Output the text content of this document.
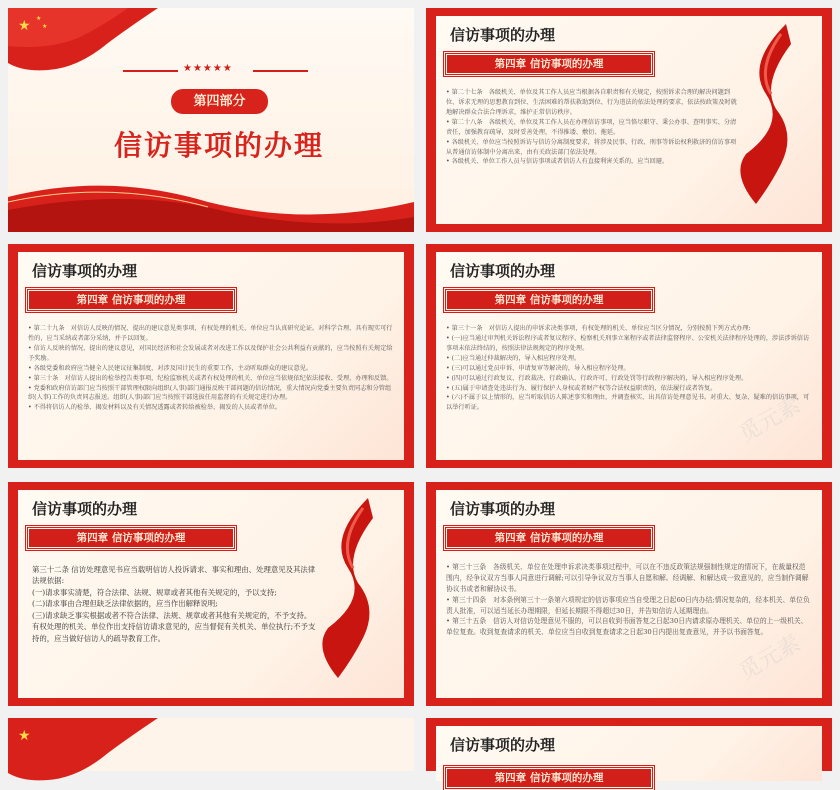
★ ★
★
★★★★★
第四部分
信访事项的办理
信访事项的办理
第四章 信访事项的办理

• 第二十七条　各级机关、单位及其工作人员应当根据各自职责和有关规定，按照诉求合理的解决问题到位、诉求无理的思想教育到位、生活困难的帮扶救助到位、行为违法的依法处理的要求，依法按政策及时就地解决群众合法合理诉求，维护正常信访秩序。

• 第二十八条　各级机关、单位及其工作人员在办理信访事项，应当恪尽职守、秉公办事、查明事实、分清责任，加强教育疏导，及时妥善处理，不得推诿、敷衍、拖延。

• 各级机关、单位应当按照诉访与信访分离制度要求，将涉及民事、行政、刑事等诉讼权利救济的信访事项从普通信访体制中分离出来，由有关政法部门依法处理。

• 各级机关、单位工作人员与信访事项或者信访人有直接利害关系的，应当回避。

信访事项的办理
第四章 信访事项的办理

• 第二十九条　对信访人反映的情况、提出的建议意见类事项，有权处理的机关、单位应当认真研究论证。对科学合理、具有现实可行性的，应当采纳或者部分采纳，并予以回复。

• 信访人反映的情况、提出的建议意见，对国民经济和社会发展或者对改进工作以及保护社会公共利益有贡献的，应当按照有关规定给予奖励。

• 各级党委和政府应当健全人民建议征集制度，对涉及国计民生的重要工作，主动听取群众的建议意见。

• 第三十条　对信访人提出的检举控告类事项，纪检监察机关或者有权处理的机关、单位应当依规依纪依法接收、受理、办理和反馈。

• 党委和政府信访部门应当按照干部管理权限向组织(人事)部门通报反映干部问题的信访情况，重大情况向党委主要负责同志和分管组织(人事)工作的负责同志报送。组织(人事)部门应当按照干部选拔任用监督的有关规定进行办理。

• 不得将信访人的检举、揭发材料以及有关情况透露或者转给被检举、揭发的人员或者单位。

信访事项的办理
第四章 信访事项的办理

• 第三十一条　对信访人提出的申诉求决类事项，有权处理的机关、单位应当区分情况，分别按照下列方式办理:

• (一)应当通过审判机关诉讼程序或者复议程序、检察机关刑事立案程序或者法律监督程序、公安机关法律程序处理的，涉法涉诉信访事项未依法终结的，按照法律法规规定的程序处理。

• (二)应当通过仲裁解决的，导入相应程序处理。

• (三)可以通过党员申诉、申请复审等解决的，导入相应程序处理。

• (四)可以通过行政复议、行政裁决、行政确认、行政许可、行政处罚等行政程序解决的，导入相应程序处理。

• (五)属于申请查处违法行为、履行保护人身权或者财产权等合法权益职责的，依法履行或者答复。

• (六)不属于以上情形的，应当听取信访人陈述事实和理由，并调查核实，出具信访处理意见书。对重大、复杂、疑难的信访事项，可以举行听证。	觅元素
信访事项的办理
第四章 信访事项的办理

第三十二条 信访处理意见书应当载明信访人投诉请求、事实和理由、处理意见及其法律法规依据:

(一)请求事实清楚，符合法律、法规、规章或者其他有关规定的，予以支持;

(二)请求事由合理但缺乏法律依据的，应当作出解释说明;

(三)请求缺乏事实根据或者不符合法律、法规、规章或者其他有关规定的，不予支持。

有权处理的机关、单位作出支持信访请求意见的，应当督促有关机关、单位执行;不予支持的，应当做好信访人的疏导教育工作。

信访事项的办理
第四章 信访事项的办理

• 第三十三条　各级机关、单位在处理申诉求决类事项过程中，可以在不违反政策法规强制性规定的情况下，在裁量权范围内，经争议双方当事人同意进行调解;可以引导争议双方当事人自愿和解。经调解、和解达成一致意见的，应当制作调解协议书或者和解协议书。

• 第三十四条　对本条例第三十一条第六项规定的信访事项应当自受理之日起60日内办结;情况复杂的，经本机关、单位负责人批准，可以适当延长办理期限，但延长期限不得超过30日，并告知信访人延期理由。

• 第三十五条　信访人对信访处理意见不服的，可以自收到书面答复之日起30日内请求原办理机关、单位的上一级机关、单位复查。收到复查请求的机关、单位应当自收到复查请求之日起30日内提出复查意见，并予以书面答复。

觅元素
★	信访事项的办理
第四章 信访事项的办理
